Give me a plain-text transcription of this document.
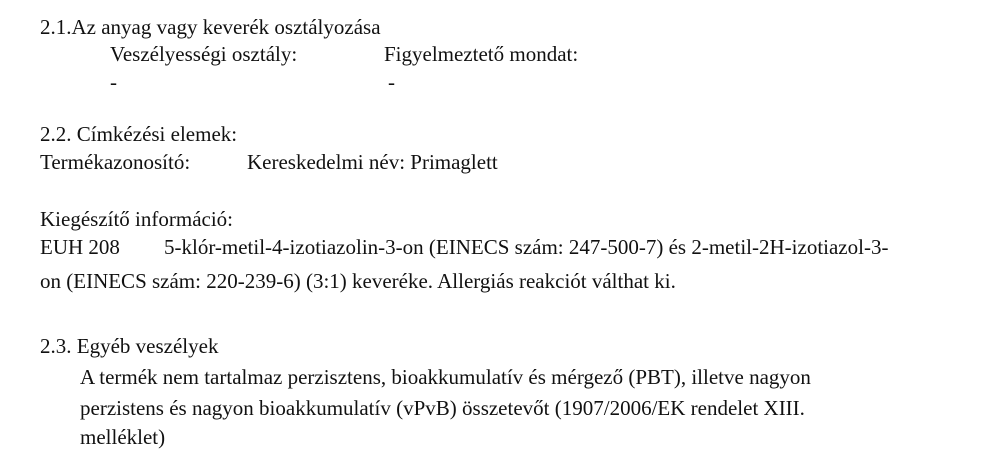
2.1.Az anyag vagy keverék osztályozása
Veszélyességi osztály:	Figyelmeztető mondat:
-	-
2.2. Címkézési elemek:
Termékazonosító:	Kereskedelmi név: Primaglett
Kiegészítő információ:
EUH 208 5-klór-metil-4-izotiazolin-3-on (EINECS szám: 247-500-7) és 2-metil-2H-izotiazol-3-
on (EINECS szám: 220-239-6) (3:1) keveréke. Allergiás reakciót válthat ki.
2.3. Egyéb veszélyek
A termék nem tartalmaz perzisztens, bioakkumulatív és mérgező (PBT), illetve nagyon
perzistens és nagyon bioakkumulatív (vPvB) összetevőt (1907/2006/EK rendelet XIII.
melléklet)
